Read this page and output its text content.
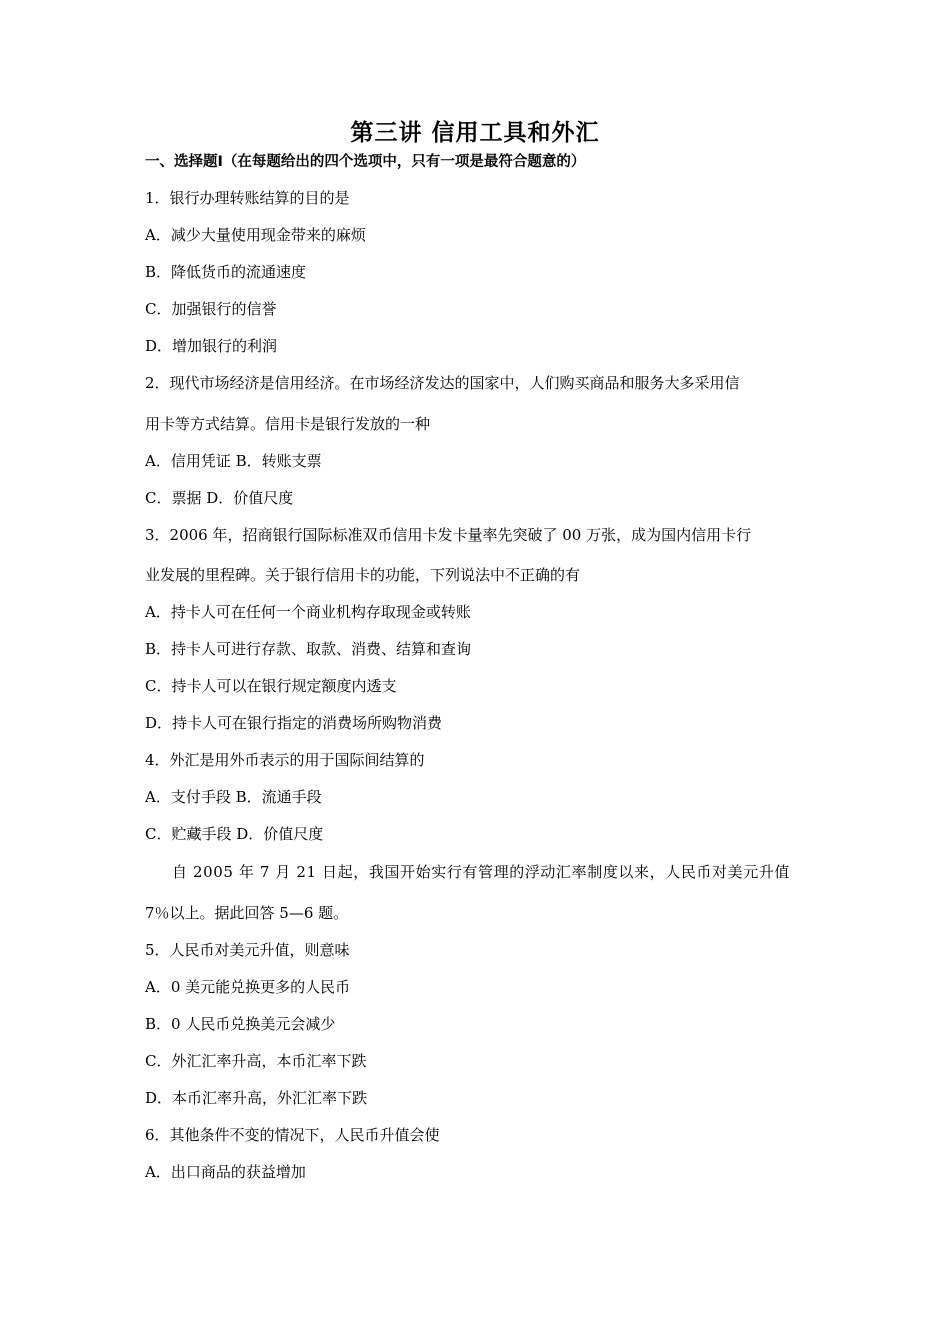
第三讲 信用工具和外汇
一、选择题Ⅰ（在每题给出的四个选项中，只有一项是最符合题意的）
1．银行办理转账结算的目的是
A．减少大量使用现金带来的麻烦
B．降低货币的流通速度
C．加强银行的信誉
D．增加银行的利润
2．现代市场经济是信用经济。在市场经济发达的国家中，人们购买商品和服务大多采用信
用卡等方式结算。信用卡是银行发放的一种
A．信用凭证 B．转账支票
C．票据 D．价值尺度
3．2006 年，招商银行国际标准双币信用卡发卡量率先突破了 00 万张，成为国内信用卡行
业发展的里程碑。关于银行信用卡的功能，下列说法中不正确的有
A．持卡人可在任何一个商业机构存取现金或转账
B．持卡人可进行存款、取款、消费、结算和查询
C．持卡人可以在银行规定额度内透支
D．持卡人可在银行指定的消费场所购物消费
4．外汇是用外币表示的用于国际间结算的
A．支付手段 B．流通手段
C．贮藏手段 D．价值尺度
自 2005 年 7 月 21 日起，我国开始实行有管理的浮动汇率制度以来，人民币对美元升值
7％以上。据此回答 5—6 题。
5．人民币对美元升值，则意味
A．0 美元能兑换更多的人民币
B．0 人民币兑换美元会减少
C．外汇汇率升高，本币汇率下跌
D．本币汇率升高，外汇汇率下跌
6．其他条件不变的情况下，人民币升值会使
A．出口商品的获益增加
